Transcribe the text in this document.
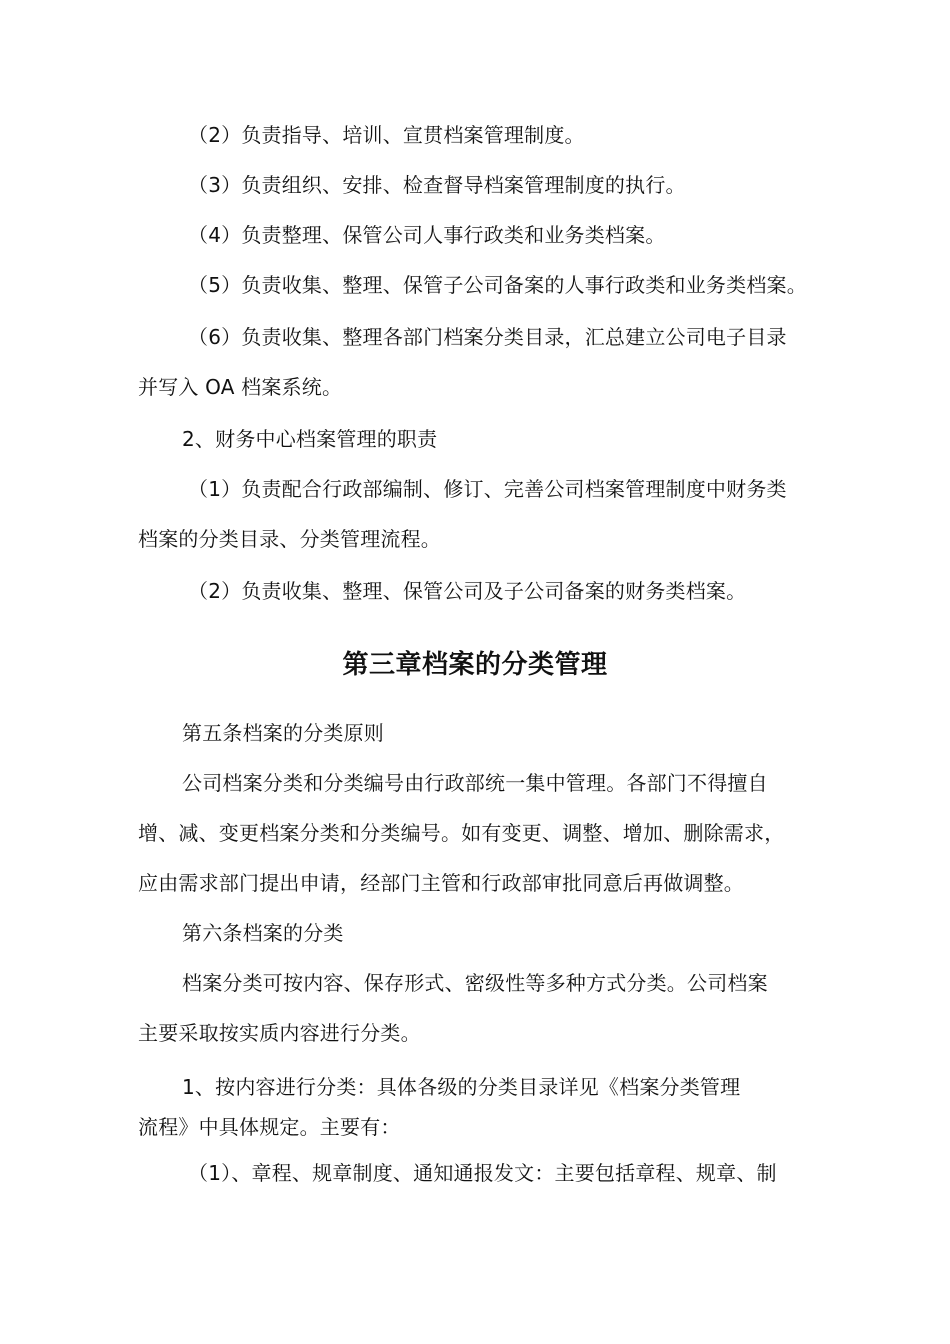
（2）负责指导、培训、宣贯档案管理制度。
（3）负责组织、安排、检查督导档案管理制度的执行。
（4）负责整理、保管公司人事行政类和业务类档案。
（5）负责收集、整理、保管子公司备案的人事行政类和业务类档案。
（6）负责收集、整理各部门档案分类目录，汇总建立公司电子目录
并写入 OA 档案系统。
2、财务中心档案管理的职责
（1）负责配合行政部编制、修订、完善公司档案管理制度中财务类
档案的分类目录、分类管理流程。
（2）负责收集、整理、保管公司及子公司备案的财务类档案。
第三章档案的分类管理
第五条档案的分类原则
公司档案分类和分类编号由行政部统一集中管理。各部门不得擅自
增、减、变更档案分类和分类编号。如有变更、调整、增加、删除需求，
应由需求部门提出申请，经部门主管和行政部审批同意后再做调整。
第六条档案的分类
档案分类可按内容、保存形式、密级性等多种方式分类。公司档案
主要采取按实质内容进行分类。
1、按内容进行分类：具体各级的分类目录详见《档案分类管理
流程》中具体规定。主要有：
（1）、章程、规章制度、通知通报发文：主要包括章程、规章、制
